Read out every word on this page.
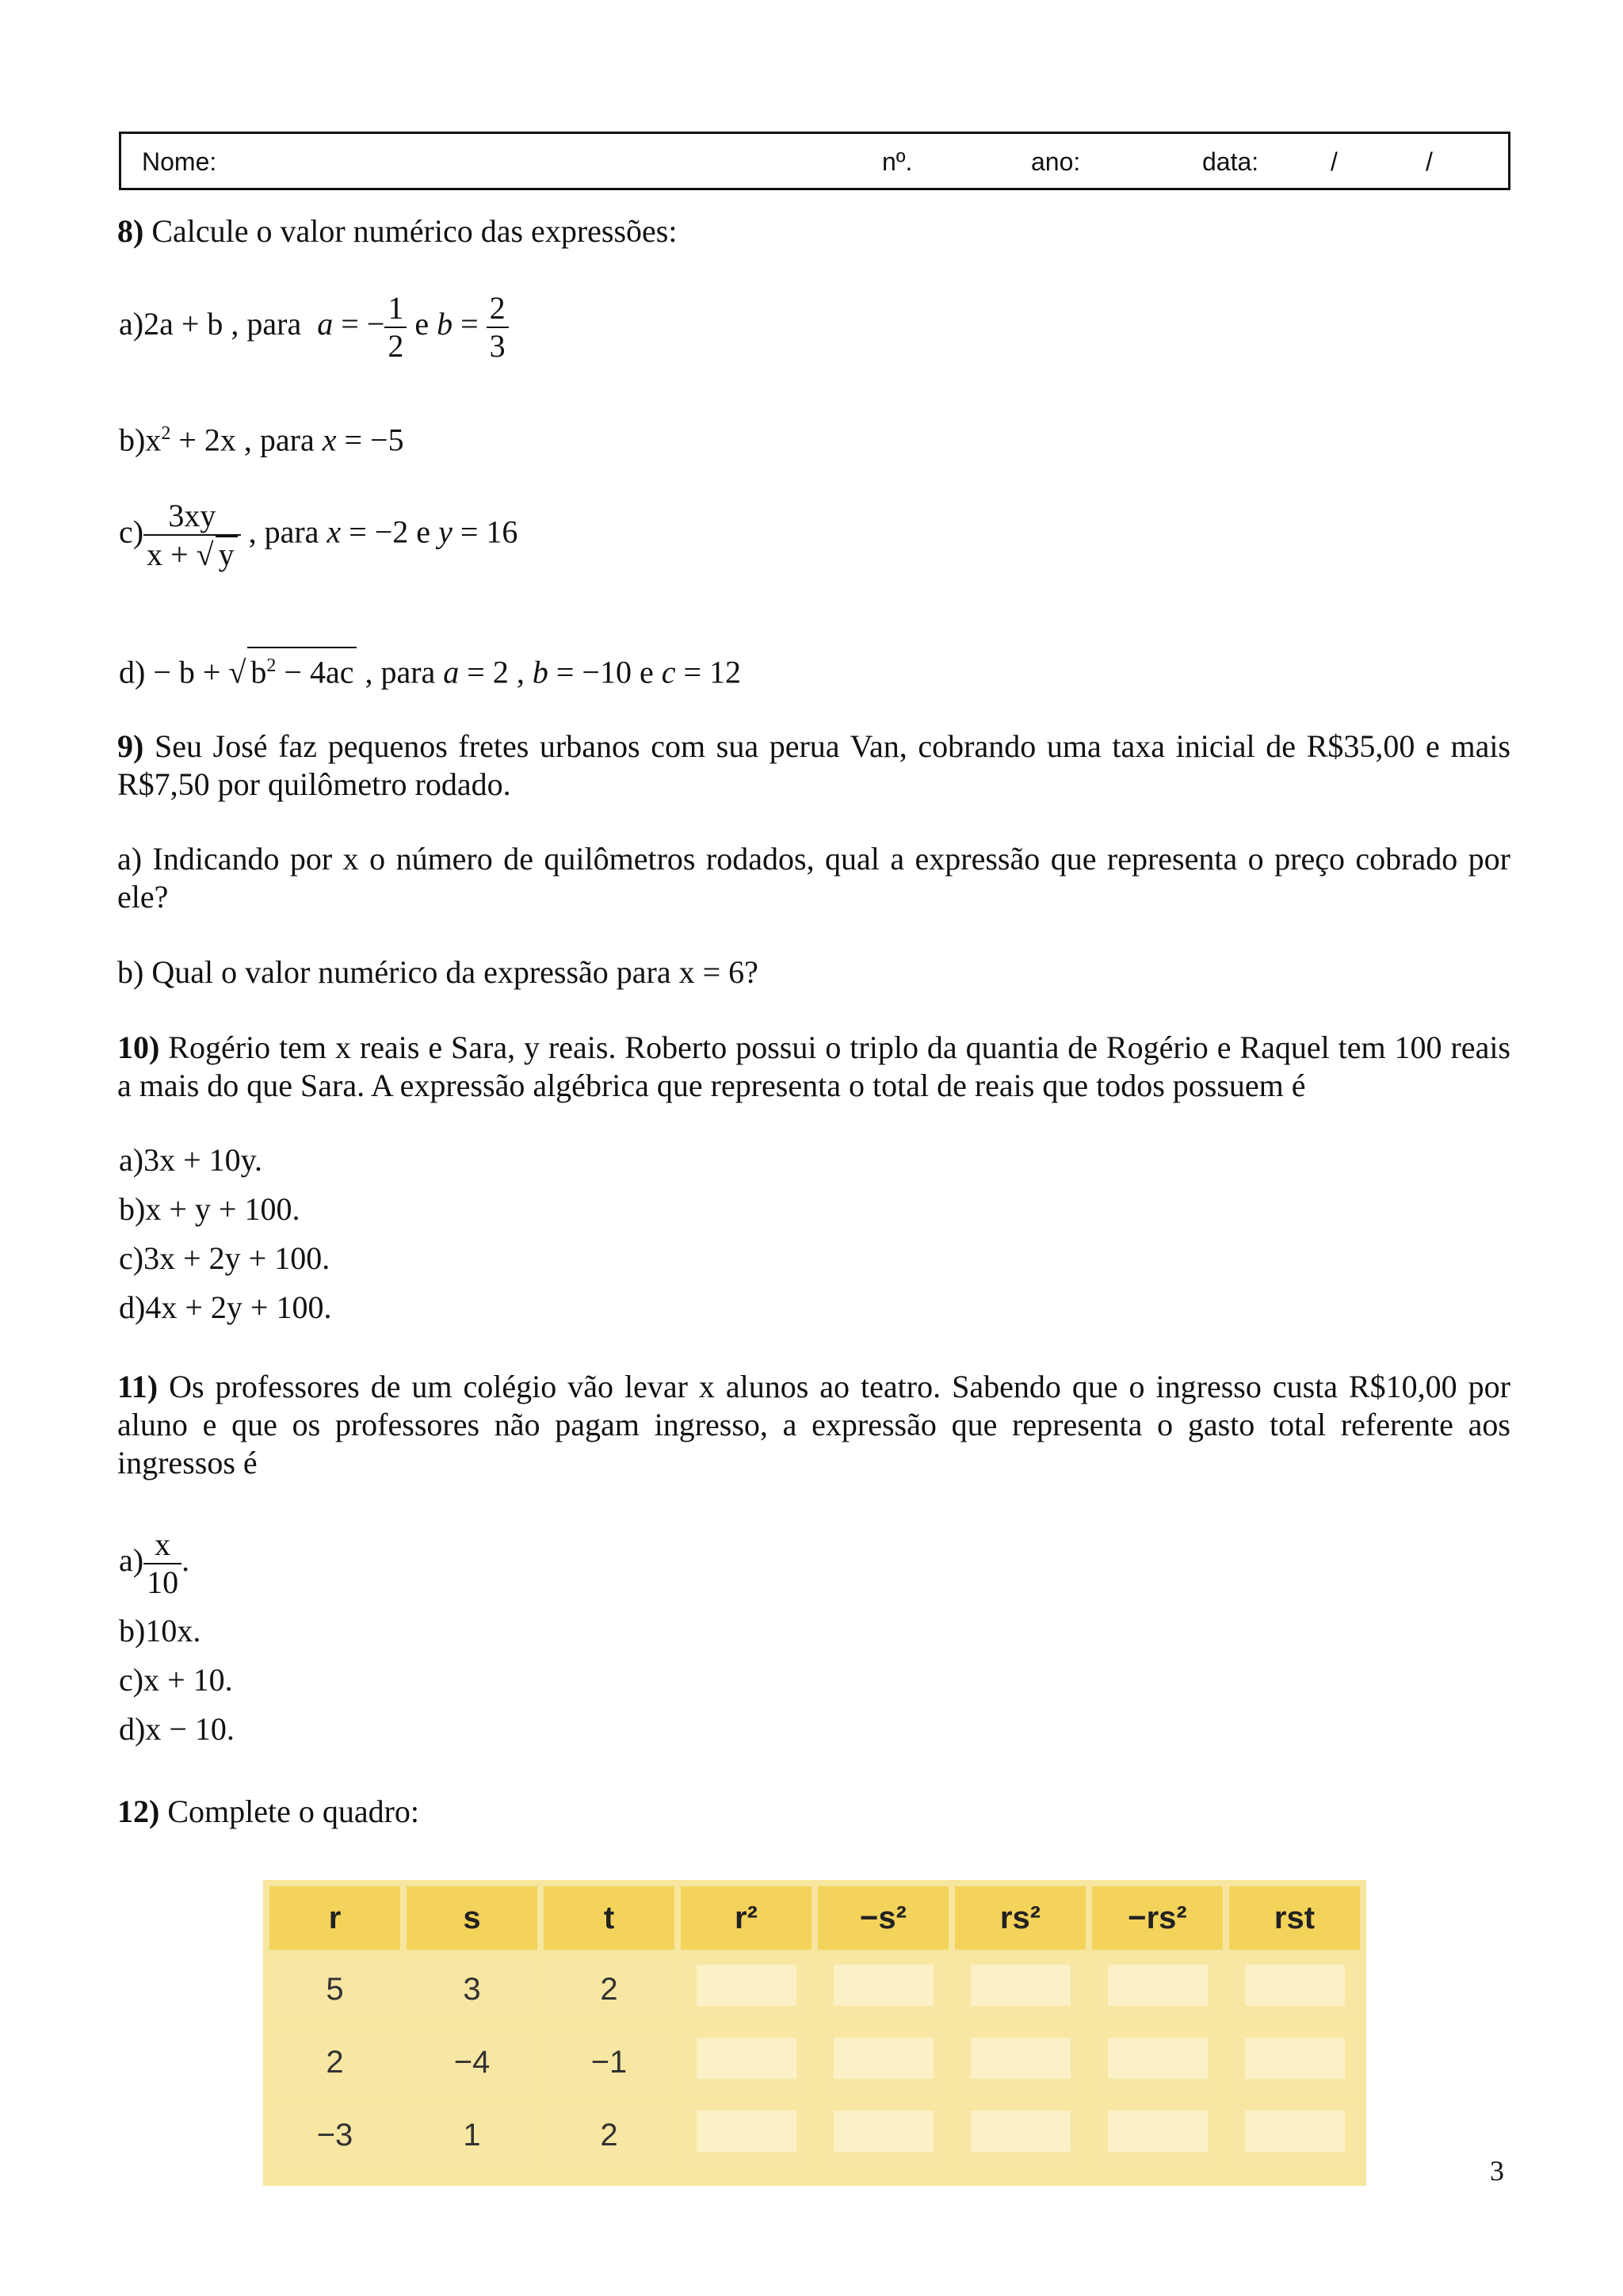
Nome:	nº.	ano:	data:	/	/
8) Calcule o valor numérico das expressões:
a)2a + b , para a = − $\frac{1}{2}$ e $b = \frac{2}{3}$
$b)x^2 + 2x$ , para x = −5
$c) \frac{3xy}{x + √ y}$ , para x = −2 e y = 16
d) − b + √ $b^2 - 4ac$ , para a = 2 , b = −10 e c = 12
9) Seu José faz pequenos fretes urbanos com sua perua Van, cobrando uma taxa inicial de R$35,00 e mais R$7,50 por quilômetro rodado.
a) Indicando por x o número de quilômetros rodados, qual a expressão que representa o preço cobrado por ele?
b) Qual o valor numérico da expressão para x = 6?
10) Rogério tem x reais e Sara, y reais. Roberto possui o triplo da quantia de Rogério e Raquel tem 100 reais a mais do que Sara. A expressão algébrica que representa o total de reais que todos possuem é
a)3x + 10y.
b)x + y + 100.
c)3x + 2y + 100.
d)4x + 2y + 100.
11) Os professores de um colégio vão levar x alunos ao teatro. Sabendo que o ingresso custa R$10,00 por aluno e que os professores não pagam ingresso, a expressão que representa o gasto total referente aos ingressos é
$a) \frac{x}{10}$ .
b)10x.
c)x + 10.
d)x − 10.
12) Complete o quadro:
r	s	t	r²	−s²	rs²	−rs²	rst
5	3	2					
2	−4	−1					
−3	1	2					
3
